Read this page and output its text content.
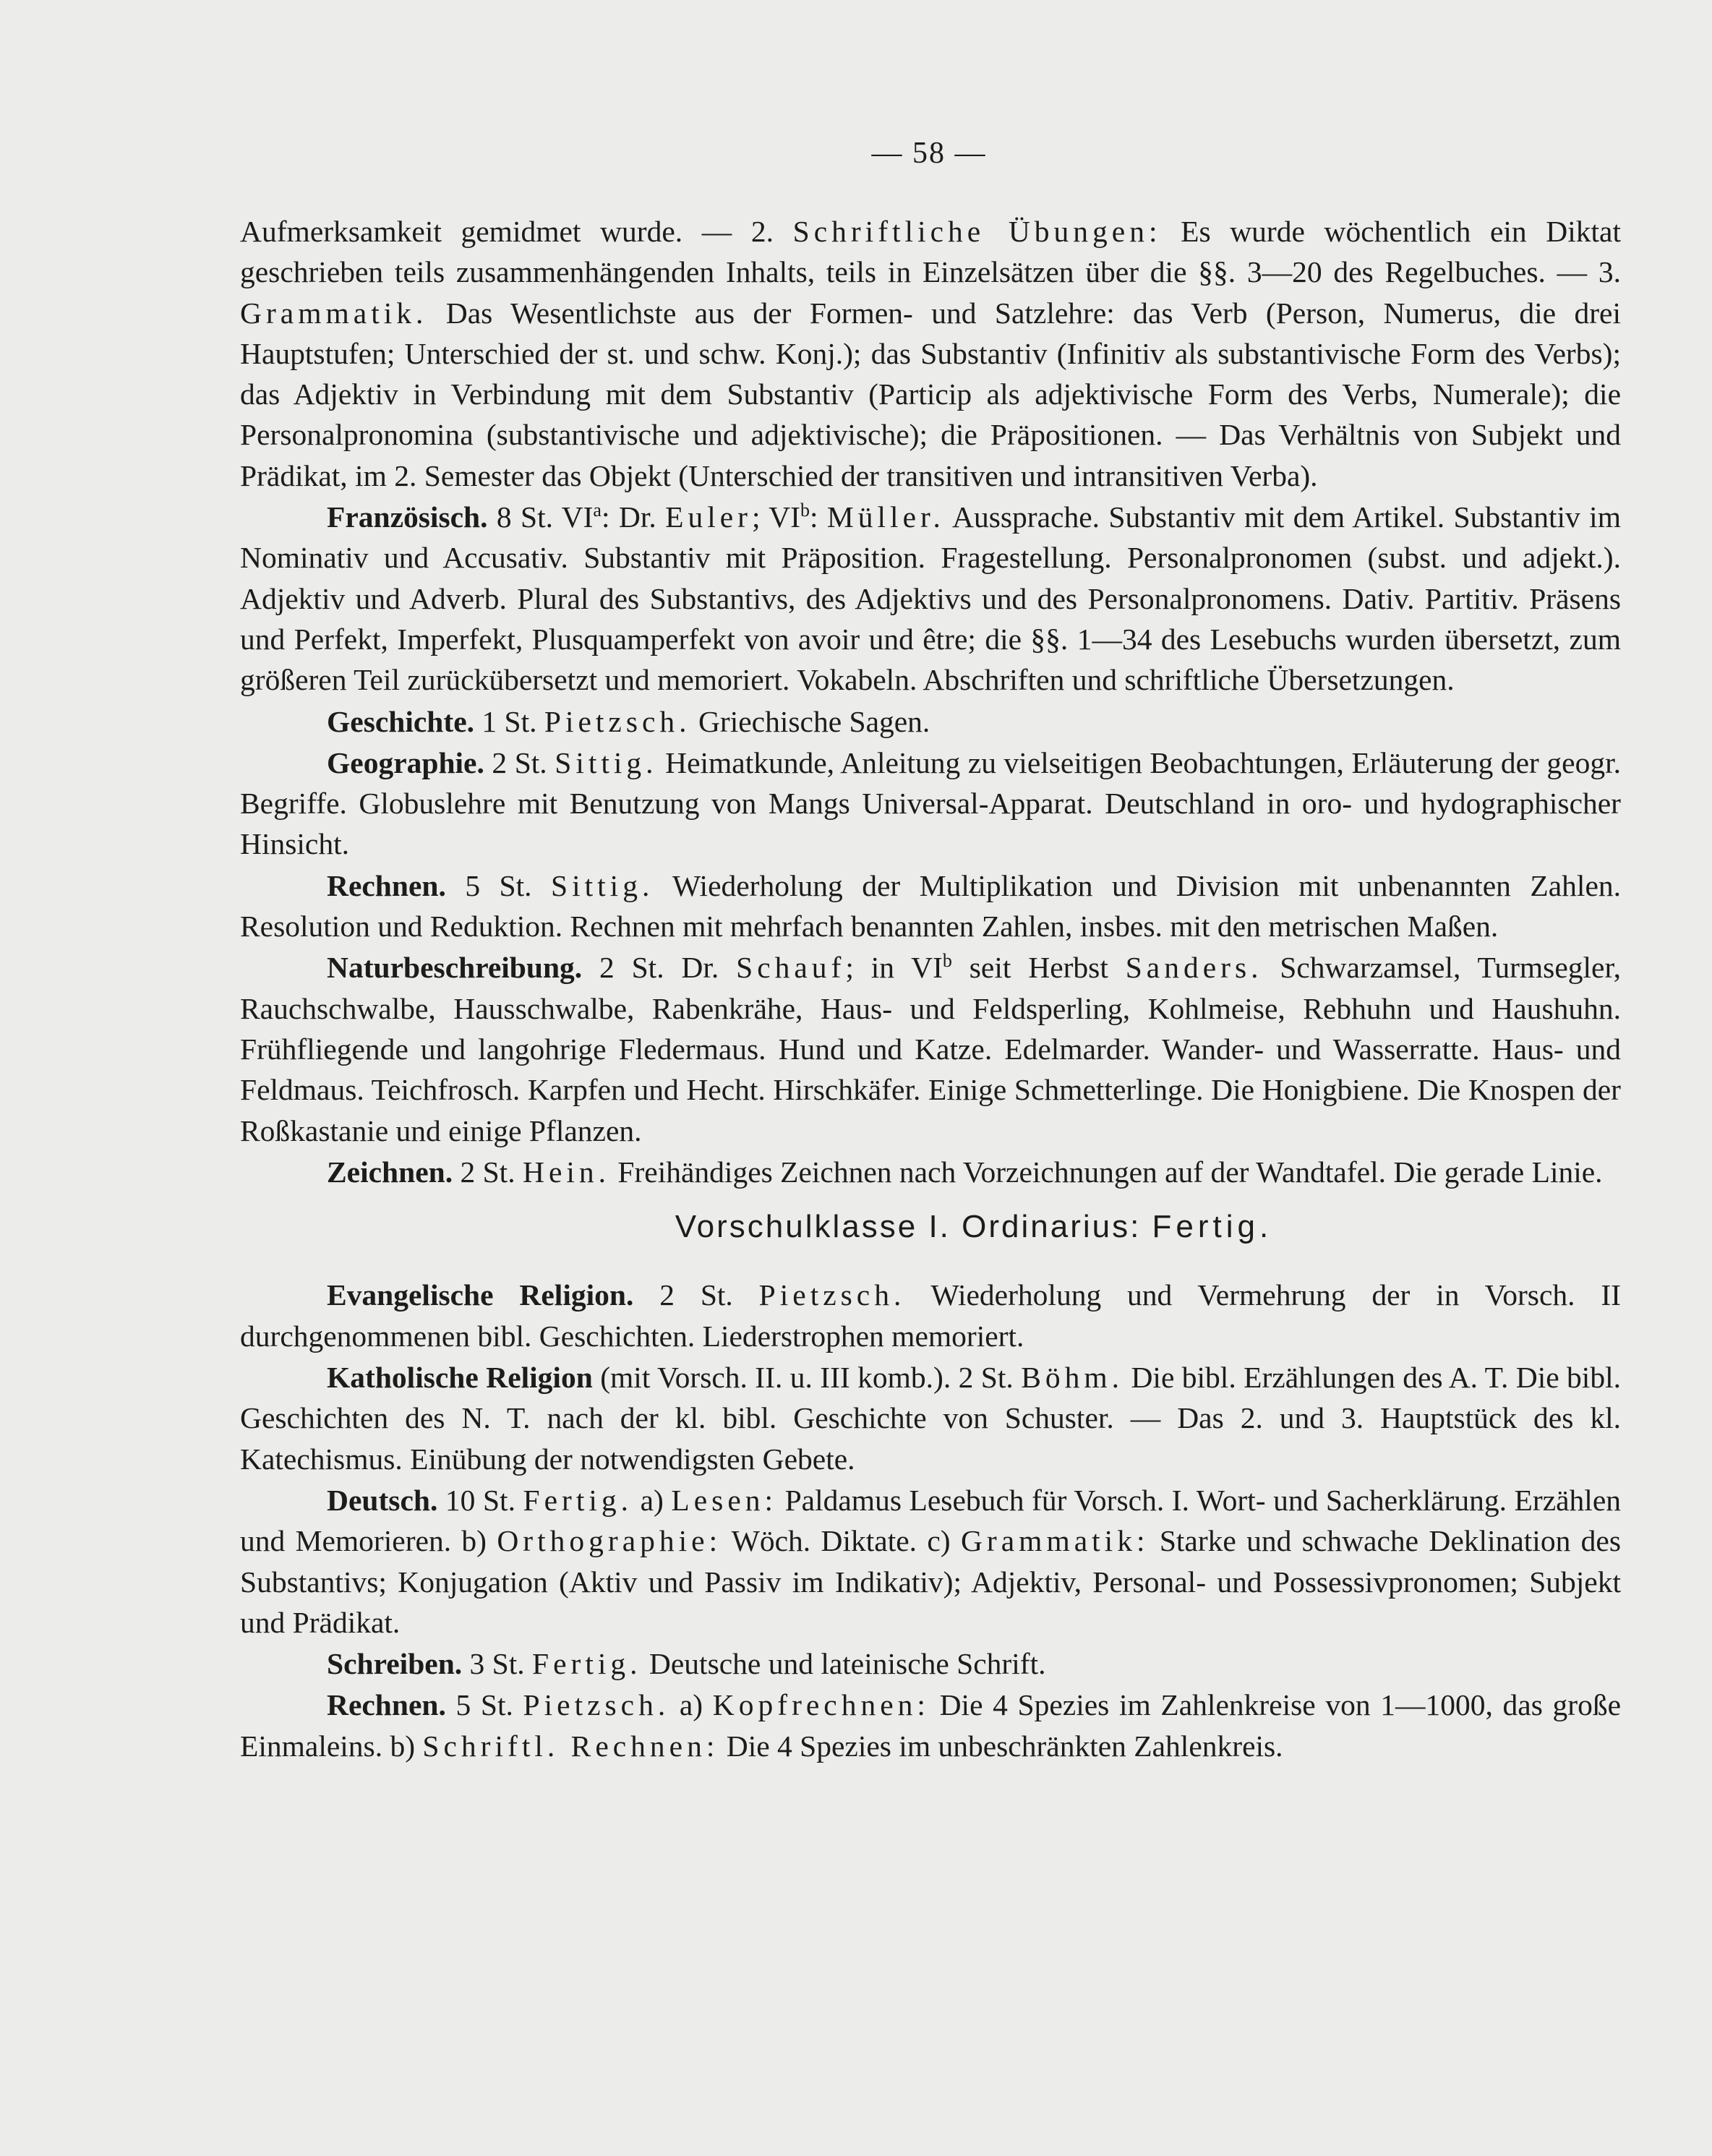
— 58 —

Aufmerksamkeit gemidmet wurde. — 2. Schriftliche Übungen: Es wurde wöchentlich ein Diktat geschrieben teils zusammenhängenden Inhalts, teils in Einzelsätzen über die §§. 3—20 des Regelbuches. — 3. Grammatik. Das Wesentlichste aus der Formen- und Satzlehre: das Verb (Person, Numerus, die drei Hauptstufen; Unterschied der st. und schw. Konj.); das Substantiv (Infinitiv als substantivische Form des Verbs); das Adjektiv in Verbindung mit dem Substantiv (Particip als adjektivische Form des Verbs, Numerale); die Personalpronomina (substantivische und adjektivische); die Präpositionen. — Das Verhältnis von Subjekt und Prädikat, im 2. Semester das Objekt (Unterschied der transitiven und intransitiven Verba).

Französisch. 8 St. $VI^a$: Dr. Euler; $VI^b$: Müller. Aussprache. Substantiv mit dem Artikel. Substantiv im Nominativ und Accusativ. Substantiv mit Präposition. Fragestellung. Personalpronomen (subst. und adjekt.). Adjektiv und Adverb. Plural des Substantivs, des Adjektivs und des Personalpronomens. Dativ. Partitiv. Präsens und Perfekt, Imperfekt, Plusquamperfekt von avoir und être; die §§. 1—34 des Lesebuchs wurden übersetzt, zum größeren Teil zurückübersetzt und memoriert. Vokabeln. Abschriften und schriftliche Übersetzungen.

Geschichte. 1 St. Pietzsch. Griechische Sagen.

Geographie. 2 St. Sittig. Heimatkunde, Anleitung zu vielseitigen Beobachtungen, Erläuterung der geogr. Begriffe. Globuslehre mit Benutzung von Mangs Universal-Apparat. Deutschland in oro- und hydographischer Hinsicht.

Rechnen. 5 St. Sittig. Wiederholung der Multiplikation und Division mit unbenannten Zahlen. Resolution und Reduktion. Rechnen mit mehrfach benannten Zahlen, insbes. mit den metrischen Maßen.

Naturbeschreibung. 2 St. Dr. Schauf; in $VI^b$ seit Herbst Sanders. Schwarzamsel, Turmsegler, Rauchschwalbe, Hausschwalbe, Rabenkrähe, Haus- und Feldsperling, Kohlmeise, Rebhuhn und Haushuhn. Frühfliegende und langohrige Fledermaus. Hund und Katze. Edelmarder. Wander- und Wasserratte. Haus- und Feldmaus. Teichfrosch. Karpfen und Hecht. Hirschkäfer. Einige Schmetterlinge. Die Honigbiene. Die Knospen der Roßkastanie und einige Pflanzen.

Zeichnen. 2 St. Hein. Freihändiges Zeichnen nach Vorzeichnungen auf der Wandtafel. Die gerade Linie.

Vorschulklasse I. Ordinarius: Fertig.

Evangelische Religion. 2 St. Pietzsch. Wiederholung und Vermehrung der in Vorsch. II durchgenommenen bibl. Geschichten. Liederstrophen memoriert.

Katholische Religion (mit Vorsch. II. u. III komb.). 2 St. Böhm. Die bibl. Erzählungen des A. T. Die bibl. Geschichten des N. T. nach der kl. bibl. Geschichte von Schuster. — Das 2. und 3. Hauptstück des kl. Katechismus. Einübung der notwendigsten Gebete.

Deutsch. 10 St. Fertig. a) Lesen: Paldamus Lesebuch für Vorsch. I. Wort- und Sacherklärung. Erzählen und Memorieren. b) Orthographie: Wöch. Diktate. c) Grammatik: Starke und schwache Deklination des Substantivs; Konjugation (Aktiv und Passiv im Indikativ); Adjektiv, Personal- und Possessivpronomen; Subjekt und Prädikat.

Schreiben. 3 St. Fertig. Deutsche und lateinische Schrift.

Rechnen. 5 St. Pietzsch. a) Kopfrechnen: Die 4 Spezies im Zahlenkreise von 1—1000, das große Einmaleins. b) Schriftl. Rechnen: Die 4 Spezies im unbeschränkten Zahlenkreis.
